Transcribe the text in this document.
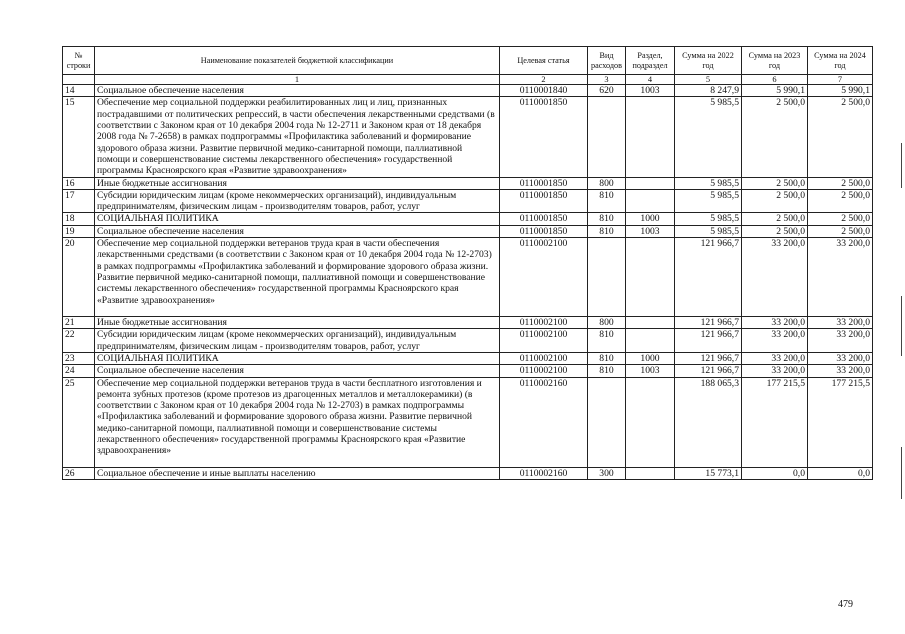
№ строки	Наименование показателей бюджетной классификации	Целевая статья	Вид расходов	Раздел, подраздел	Сумма на 2022 год	Сумма на 2023 год	Сумма на 2024 год
	1	2	3	4	5	6	7
14	Социальное обеспечение населения	0110001840	620	1003	8 247,9	5 990,1	5 990,1
15	Обеспечение мер социальной поддержки реабилитированных лиц и лиц, признанных пострадавшими от политических репрессий, в части обеспечения лекарственными средствами (в соответствии с Законом края от 10 декабря 2004 года № 12-2711 и Законом края от 18 декабря 2008 года № 7-2658) в рамках подпрограммы «Профилактика заболеваний и формирование здорового образа жизни. Развитие первичной медико-санитарной помощи, паллиативной помощи и совершенствование системы лекарственного обеспечения» государственной программы Красноярского края «Развитие здравоохранения»	0110001850			5 985,5	2 500,0	2 500,0
16	Иные бюджетные ассигнования	0110001850	800		5 985,5	2 500,0	2 500,0
17	Субсидии юридическим лицам (кроме некоммерческих организаций), индивидуальным предпринимателям, физическим лицам - производителям товаров, работ, услуг	0110001850	810		5 985,5	2 500,0	2 500,0
18	СОЦИАЛЬНАЯ ПОЛИТИКА	0110001850	810	1000	5 985,5	2 500,0	2 500,0
19	Социальное обеспечение населения	0110001850	810	1003	5 985,5	2 500,0	2 500,0
20	Обеспечение мер социальной поддержки ветеранов труда края в части обеспечения лекарственными средствами (в соответствии с Законом края от 10 декабря 2004 года № 12-2703) в рамках подпрограммы «Профилактика заболеваний и формирование здорового образа жизни. Развитие первичной медико-санитарной помощи, паллиативной помощи и совершенствование системы лекарственного обеспечения» государственной программы Красноярского края «Развитие здравоохранения»	0110002100			121 966,7	33 200,0	33 200,0

21	Иные бюджетные ассигнования	0110002100	800		121 966,7	33 200,0	33 200,0
22	Субсидии юридическим лицам (кроме некоммерческих организаций), индивидуальным предпринимателям, физическим лицам - производителям товаров, работ, услуг	0110002100	810		121 966,7	33 200,0	33 200,0
23	СОЦИАЛЬНАЯ ПОЛИТИКА	0110002100	810	1000	121 966,7	33 200,0	33 200,0
24	Социальное обеспечение населения	0110002100	810	1003	121 966,7	33 200,0	33 200,0
25	Обеспечение мер социальной поддержки ветеранов труда в части бесплатного изготовления и ремонта зубных протезов (кроме протезов из драгоценных металлов и металлокерамики) (в соответствии с Законом края от 10 декабря 2004 года № 12-2703) в рамках подпрограммы «Профилактика заболеваний и формирование здорового образа жизни. Развитие первичной медико-санитарной помощи, паллиативной помощи и совершенствование системы лекарственного обеспечения» государственной программы Красноярского края «Развитие здравоохранения»	0110002160			188 065,3	177 215,5	177 215,5

26	Социальное обеспечение и иные выплаты населению	0110002160	300		15 773,1	0,0	0,0
479
